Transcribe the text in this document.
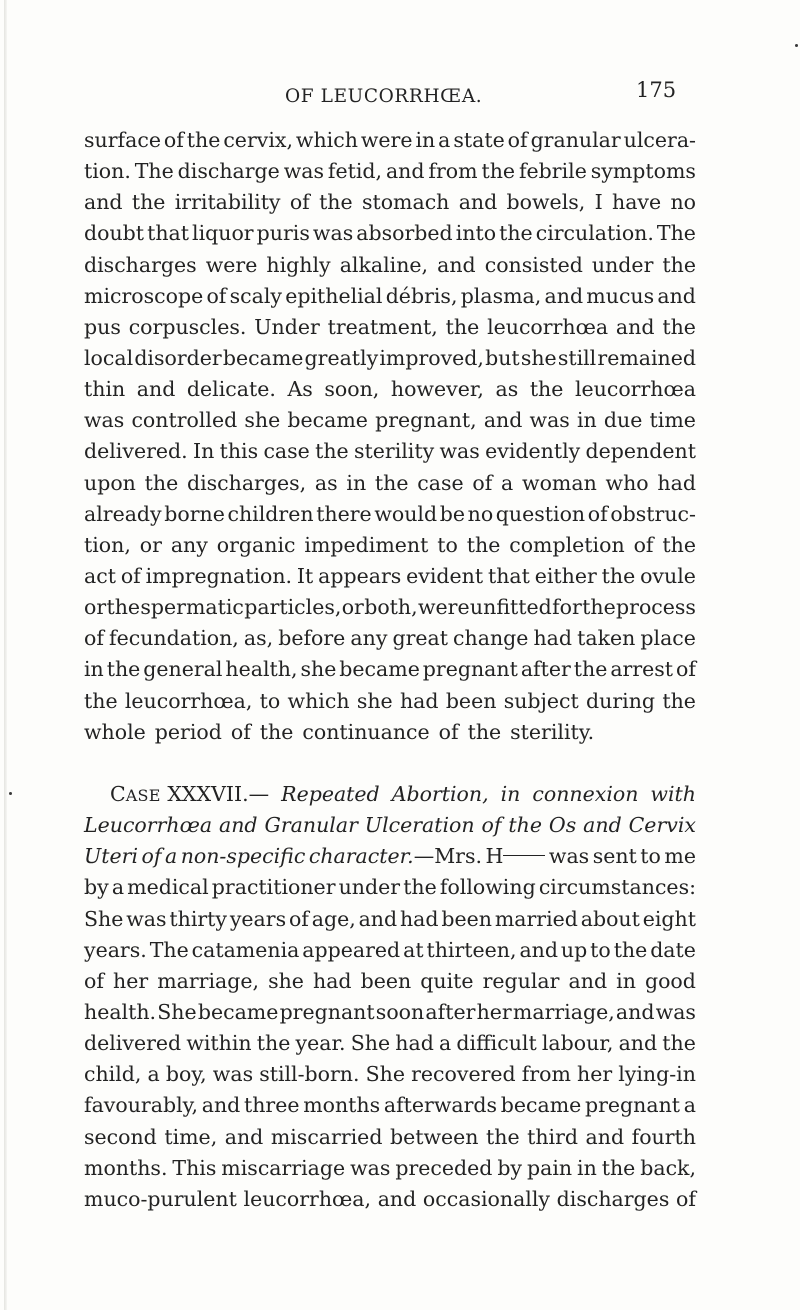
OF LEUCORRHŒA.	175
surface of the cervix, which were in a state of granular ulcera-
tion. The discharge was fetid, and from the febrile symptoms
and the irritability of the stomach and bowels, I have no
doubt that liquor puris was absorbed into the circulation. The
discharges were highly alkaline, and consisted under the
microscope of scaly epithelial débris, plasma, and mucus and
pus corpuscles. Under treatment, the leucorrhœa and the
local disorder became greatly improved, but she still remained
thin and delicate. As soon, however, as the leucorrhœa
was controlled she became pregnant, and was in due time
delivered. In this case the sterility was evidently dependent
upon the discharges, as in the case of a woman who had
already borne children there would be no question of obstruc-
tion, or any organic impediment to the completion of the
act of impregnation. It appears evident that either the ovule
or the spermatic particles, or both, were unfitted for the process
of fecundation, as, before any great change had taken place
in the general health, she became pregnant after the arrest of
the leucorrhœa, to which she had been subject during the
whole period of the continuance of the sterility.
CASE XXXVII.— Repeated Abortion, in connexion with
Leucorrhœa and Granular Ulceration of the Os and Cervix
Uteri of a non-specific character.—Mrs. H	was sent to me
by a medical practitioner under the following circumstances:
She was thirty years of age, and had been married about eight
years. The catamenia appeared at thirteen, and up to the date
of her marriage, she had been quite regular and in good
health. She became pregnant soon after her marriage, and was
delivered within the year. She had a difficult labour, and the
child, a boy, was still-born. She recovered from her lying-in
favourably, and three months afterwards became pregnant a
second time, and miscarried between the third and fourth
months. This miscarriage was preceded by pain in the back,
muco-purulent leucorrhœa, and occasionally discharges of
